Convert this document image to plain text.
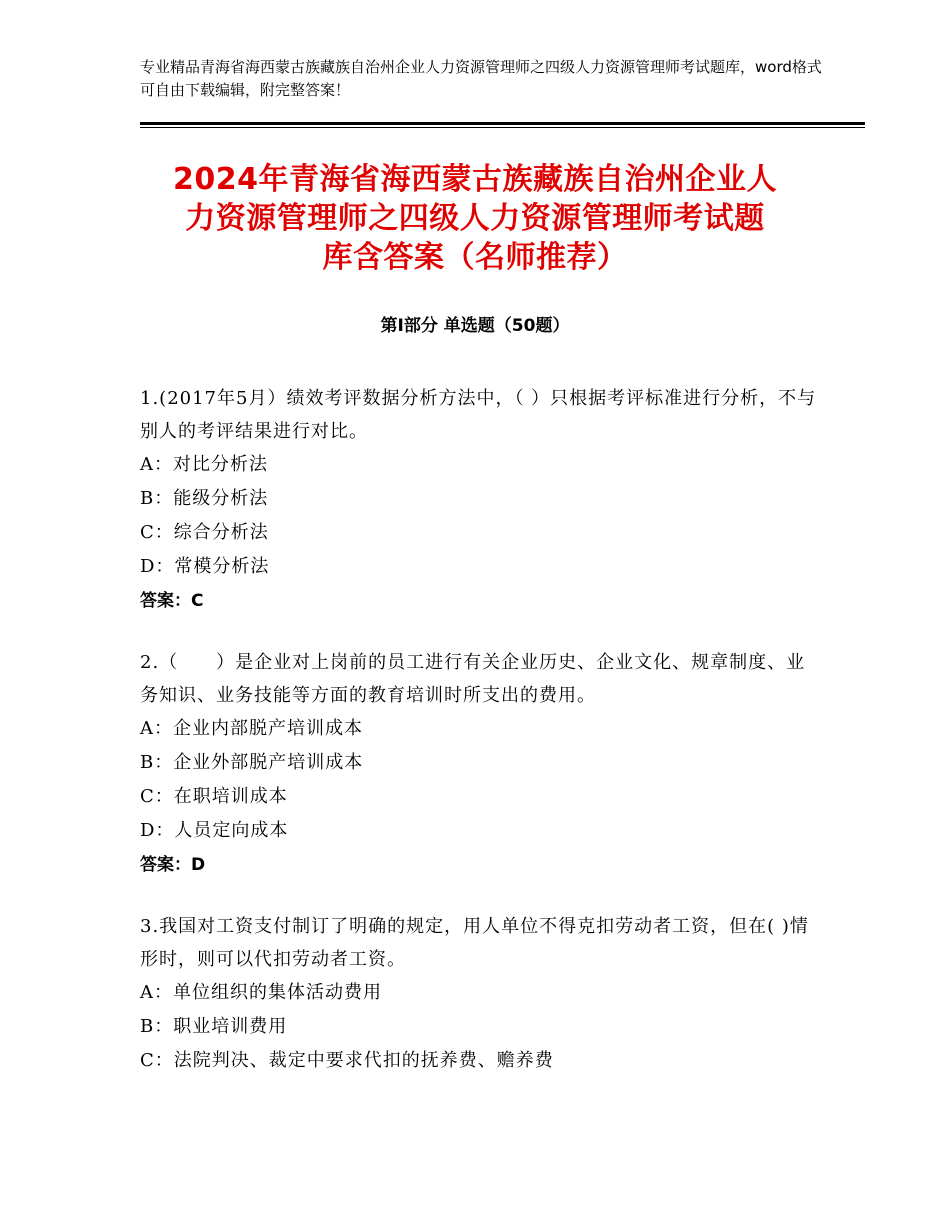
专业精品青海省海西蒙古族藏族自治州企业人力资源管理师之四级人力资源管理师考试题库，word格式可自由下载编辑，附完整答案！
2024年青海省海西蒙古族藏族自治州企业人
力资源管理师之四级人力资源管理师考试题
库含答案（名师推荐）
第Ⅰ部分 单选题（50题）
1.(2017年5月）绩效考评数据分析方法中，（ ）只根据考评标准进行分析，不与别人的考评结果进行对比。
A：对比分析法
B：能级分析法
C：综合分析法
D：常模分析法
答案：C
2.（　　）是企业对上岗前的员工进行有关企业历史、企业文化、规章制度、业务知识、业务技能等方面的教育培训时所支出的费用。
A：企业内部脱产培训成本
B：企业外部脱产培训成本
C：在职培训成本
D：人员定向成本
答案：D
3.我国对工资支付制订了明确的规定，用人单位不得克扣劳动者工资，但在( )情形时，则可以代扣劳动者工资。
A：单位组织的集体活动费用
B：职业培训费用
C：法院判决、裁定中要求代扣的抚养费、赡养费
